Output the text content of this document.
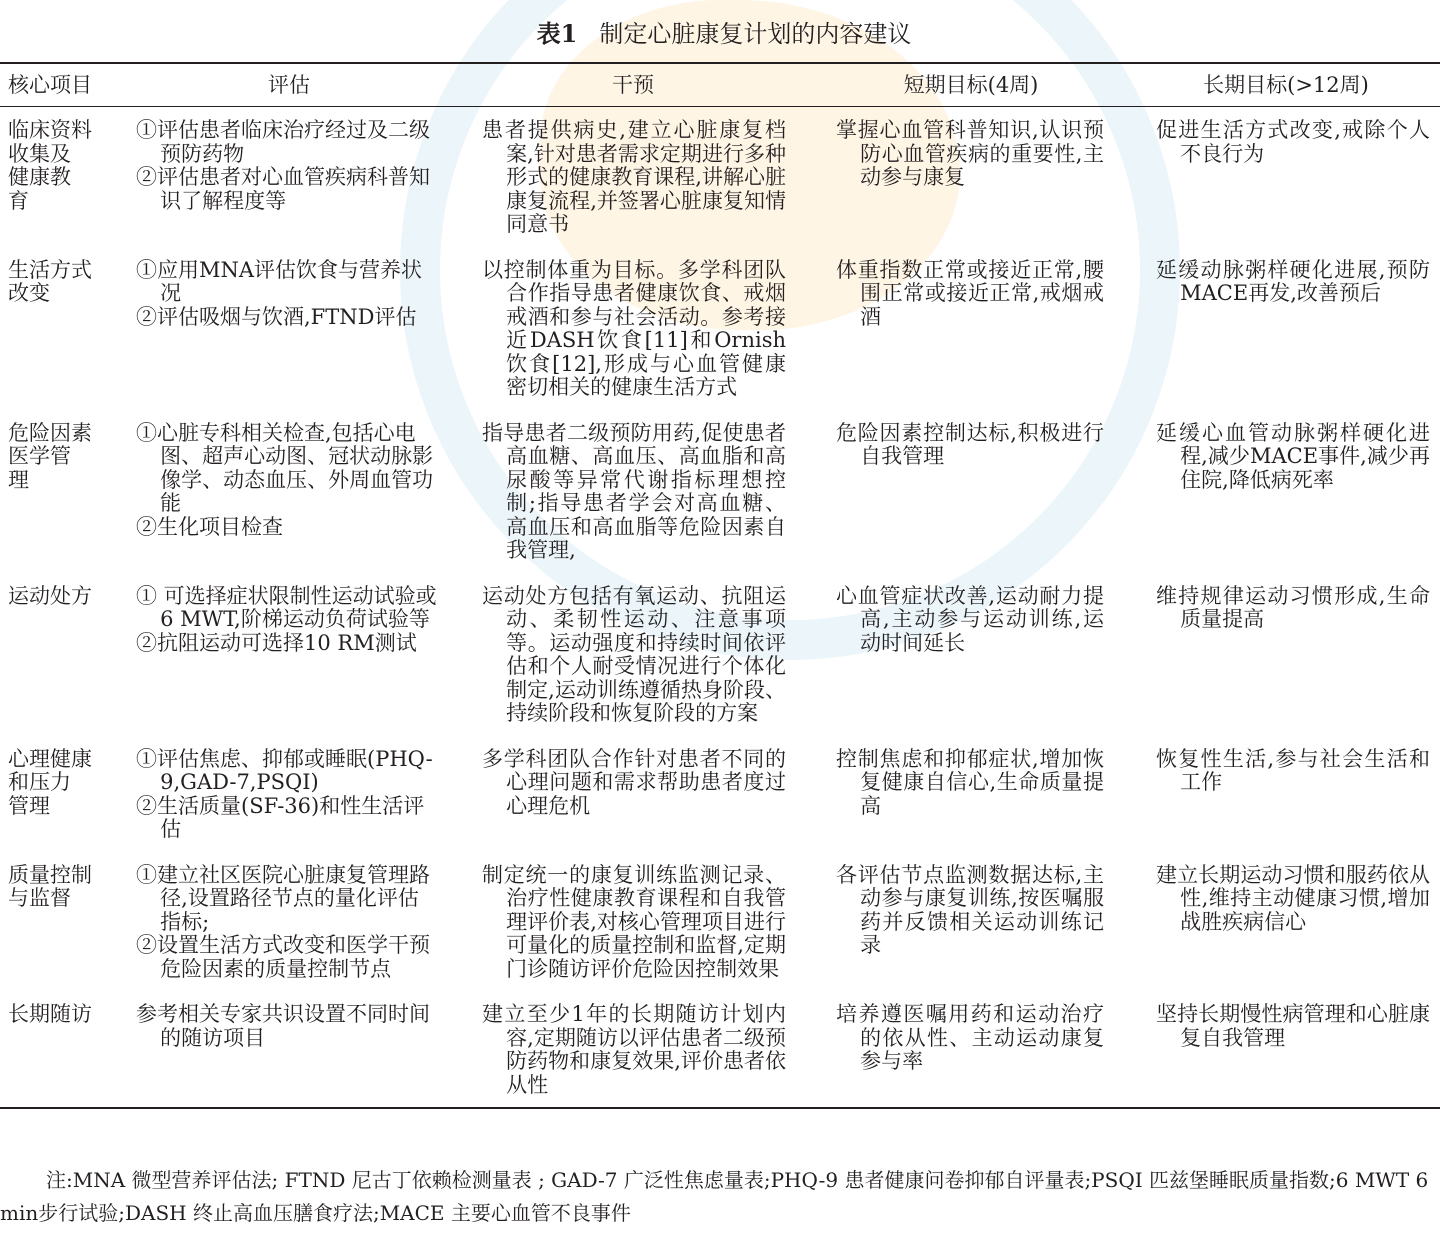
表1 制定心脏康复计划的内容建议
核心项目	评估	干预	短期目标(4周)	长期目标(>12周)

临床资料
收集及
健康教
育	①评估患者临床治疗经过及二级预防药物
②评估患者对心血管疾病科普知识了解程度等	患者提供病史,建立心脏康复档案,针对患者需求定期进行多种形式的健康教育课程,讲解心脏康复流程,并签署心脏康复知情同意书	掌握心血管科普知识,认识预防心血管疾病的重要性,主动参与康复	促进生活方式改变,戒除个人不良行为

生活方式
改变	①应用MNA评估饮食与营养状况
②评估吸烟与饮酒,FTND评估	以控制体重为目标。多学科团队合作指导患者健康饮食、戒烟戒酒和参与社会活动。参考接近DASH饮食[11]和Ornish饮食[12],形成与心血管健康密切相关的健康生活方式	体重指数正常或接近正常,腰围正常或接近正常,戒烟戒酒	延缓动脉粥样硬化进展,预防MACE再发,改善预后

危险因素
医学管
理	①心脏专科相关检查,包括心电图、超声心动图、冠状动脉影像学、动态血压、外周血管功能
②生化项目检查	指导患者二级预防用药,促使患者高血糖、高血压、高血脂和高尿酸等异常代谢指标理想控制;指导患者学会对高血糖、高血压和高血脂等危险因素自我管理,	危险因素控制达标,积极进行自我管理	延缓心血管动脉粥样硬化进程,减少MACE事件,减少再住院,降低病死率

运动处方	① 可选择症状限制性运动试验或6 MWT,阶梯运动负荷试验等
②抗阻运动可选择10 RM测试	运动处方包括有氧运动、抗阻运动、柔韧性运动、注意事项等。运动强度和持续时间依评估和个人耐受情况进行个体化制定,运动训练遵循热身阶段、持续阶段和恢复阶段的方案	心血管症状改善,运动耐力提高,主动参与运动训练,运动时间延长	维持规律运动习惯形成,生命质量提高

心理健康
和压力
管理	①评估焦虑、抑郁或睡眠(PHQ-9,GAD-7,PSQI)
②生活质量(SF-36)和性生活评估	多学科团队合作针对患者不同的心理问题和需求帮助患者度过心理危机	控制焦虑和抑郁症状,增加恢复健康自信心,生命质量提高	恢复性生活,参与社会生活和工作

质量控制
与监督	①建立社区医院心脏康复管理路径,设置路径节点的量化评估指标;
②设置生活方式改变和医学干预危险因素的质量控制节点	制定统一的康复训练监测记录、治疗性健康教育课程和自我管理评价表,对核心管理项目进行可量化的质量控制和监督,定期门诊随访评价危险因控制效果	各评估节点监测数据达标,主动参与康复训练,按医嘱服药并反馈相关运动训练记录	建立长期运动习惯和服药依从性,维持主动健康习惯,增加战胜疾病信心

长期随访	参考相关专家共识设置不同时间的随访项目	建立至少1年的长期随访计划内容,定期随访以评估患者二级预防药物和康复效果,评价患者依从性	培养遵医嘱用药和运动治疗的依从性、主动运动康复参与率	坚持长期慢性病管理和心脏康复自我管理
注:MNA 微型营养评估法; FTND 尼古丁依赖检测量表 ; GAD-7 广泛性焦虑量表;PHQ-9 患者健康问卷抑郁自评量表;PSQI 匹兹堡睡眠质量指数;6 MWT 6 min步行试验;DASH 终止高血压膳食疗法;MACE 主要心血管不良事件
